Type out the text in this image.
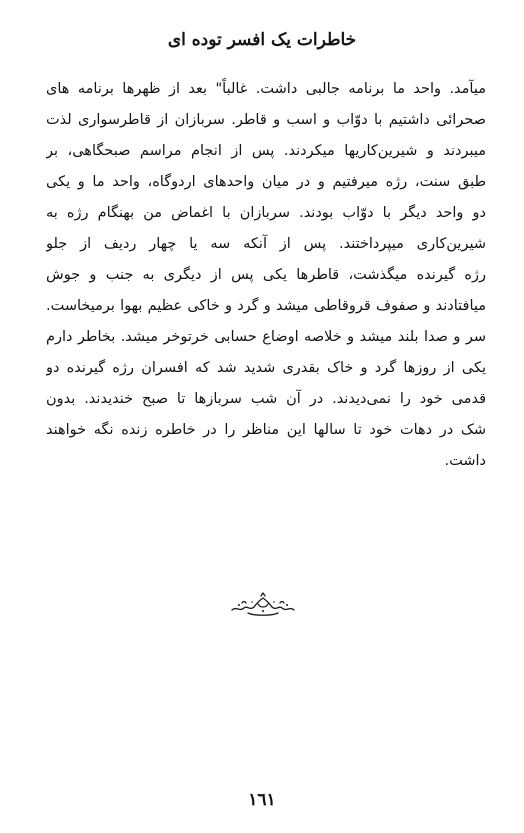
خاطرات یک افسر توده ای
میآمد. واحد ما برنامه جالبی داشت. غالباً" بعد از ظهرها برنامه های
صحرائی داشتیم با دوّاب و اسب و قاطر. سربازان از قاطرسواری لذت
میبردند و شیرین‌کاریها میکردند. پس از انجام مراسم صبحگاهی، بر
طبق سنت، رژه میرفتیم و در میان واحدهای اردوگاه، واحد ما و یکی
دو واحد دیگر با دوّاب بودند. سربازان با اغماض من بهنگام رژه به
شیرین‌کاری میپرداختند. پس از آنکه سه یا چهار ردیف از جلو
رژه گیرنده میگذشت، قاطرها یکی پس از دیگری به جنب و جوش
میافتادند و صفوف قروقاطی میشد و گرد و خاکی عظیم بهوا برمیخاست.
سر و صدا بلند میشد و خلاصه اوضاع حسابی خرتوخر میشد. بخاطر دارم
یکی از روزها گرد و خاک بقدری شدید شد که افسران رژه گیرنده دو
قدمی خود را نمی‌دیدند. در آن شب سربازها تا صبح خندیدند. بدون
شک در دهات خود تا سالها این مناظر را در خاطره زنده نگه خواهند
داشت.
١٦١
